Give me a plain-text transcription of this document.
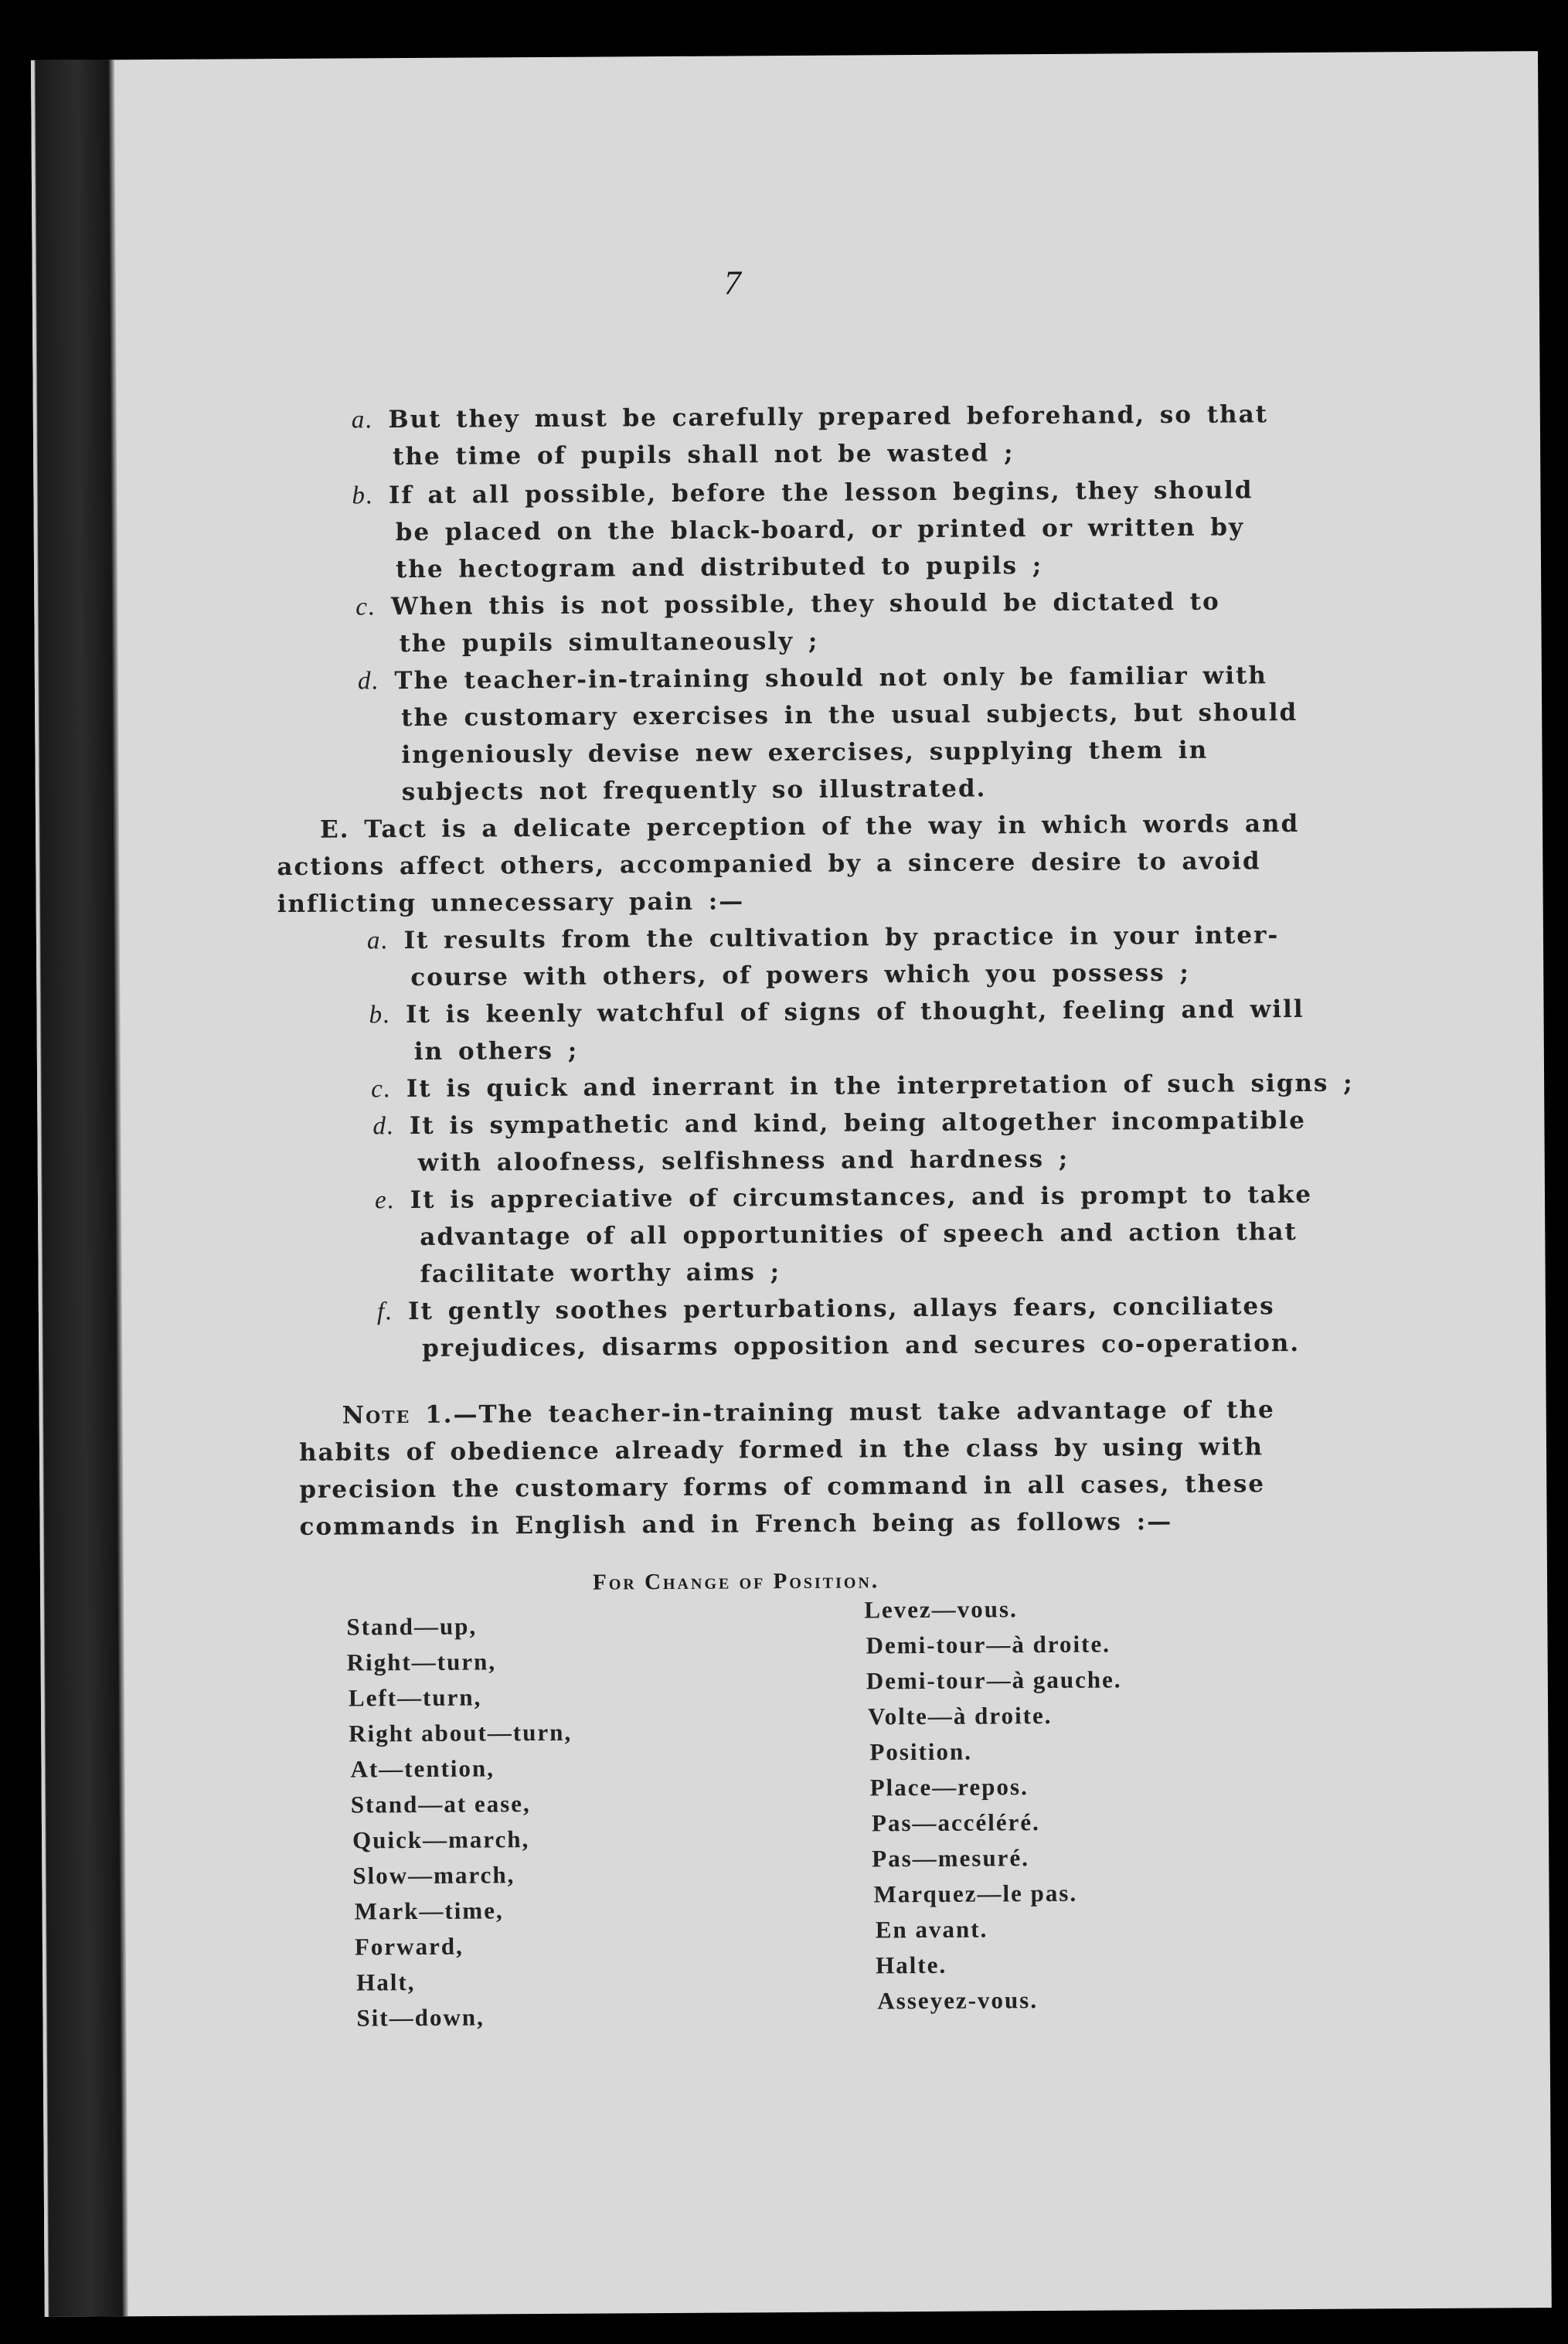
7
a. But they must be carefully prepared beforehand, so that
the time of pupils shall not be wasted ;
b. If at all possible, before the lesson begins, they should
be placed on the black-board, or printed or written by
the hectogram and distributed to pupils ;
c. When this is not possible, they should be dictated to
the pupils simultaneously ;
d. The teacher-in-training should not only be familiar with
the customary exercises in the usual subjects, but should
ingeniously devise new exercises, supplying them in
subjects not frequently so illustrated.
E. Tact is a delicate perception of the way in which words and
actions affect others, accompanied by a sincere desire to avoid
inflicting unnecessary pain :—
a. It results from the cultivation by practice in your inter-
course with others, of powers which you possess ;
b. It is keenly watchful of signs of thought, feeling and will
in others ;
c. It is quick and inerrant in the interpretation of such signs ;
d. It is sympathetic and kind, being altogether incompatible
with aloofness, selfishness and hardness ;
e. It is appreciative of circumstances, and is prompt to take
advantage of all opportunities of speech and action that
facilitate worthy aims ;
f. It gently soothes perturbations, allays fears, conciliates
prejudices, disarms opposition and secures co-operation.
Note 1.—The teacher-in-training must take advantage of the
habits of obedience already formed in the class by using with
precision the customary forms of command in all cases, these
commands in English and in French being as follows :—
For Change of Position.
Stand—up,
Right—turn,
Left—turn,
Right about—turn,
At—tention,
Stand—at ease,
Quick—march,
Slow—march,
Mark—time,
Forward,
Halt,
Sit—down,
Levez—vous.
Demi-tour—à droite.
Demi-tour—à gauche.
Volte—à droite.
Position.
Place—repos.
Pas—accéléré.
Pas—mesuré.
Marquez—le pas.
En avant.
Halte.
Asseyez-vous.
